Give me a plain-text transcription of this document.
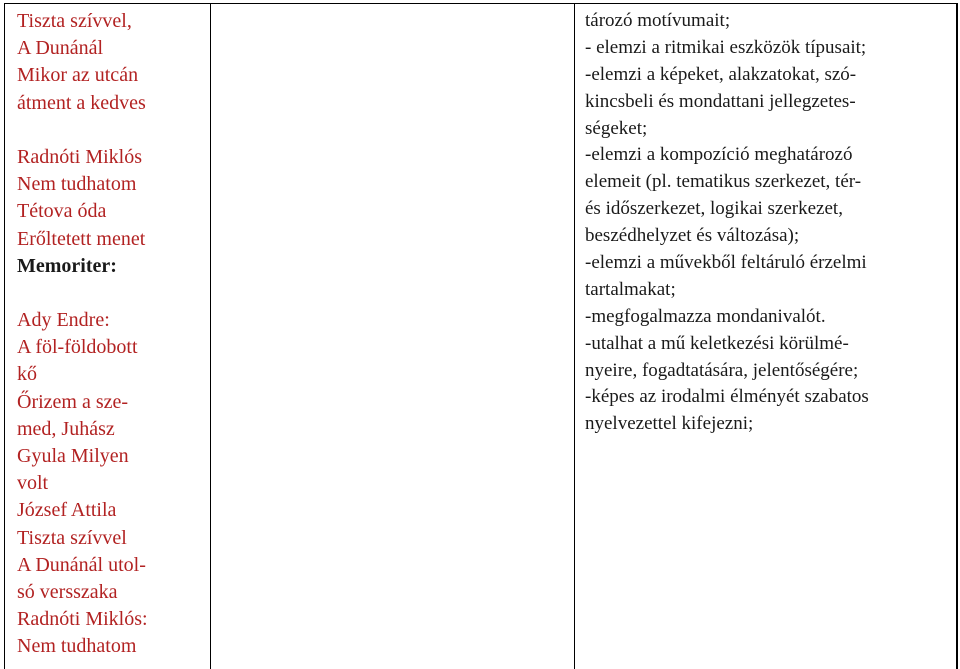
Tiszta szívvel,
A Dunánál
Mikor az utcán
átment a kedves
Radnóti Miklós
Nem tudhatom
Tétova óda
Erőltetett menet
Memoriter:
Ady Endre:
A föl-földobott
kő
Őrizem a sze-
med, Juhász
Gyula Milyen
volt
József Attila
Tiszta szívvel
A Dunánál utol-
só versszaka
Radnóti Miklós:
Nem tudhatom
tározó motívumait;
- elemzi a ritmikai eszközök típusait;
-elemzi a képeket, alakzatokat, szó-
kincsbeli és mondattani jellegzetes-
ségeket;
-elemzi a kompozíció meghatározó
elemeit (pl. tematikus szerkezet, tér-
és időszerkezet, logikai szerkezet,
beszédhelyzet és változása);
-elemzi a művekből feltáruló érzelmi
tartalmakat;
-megfogalmazza mondanivalót.
-utalhat a mű keletkezési körülmé-
nyeire, fogadtatására, jelentőségére;
-képes az irodalmi élményét szabatos
nyelvezettel kifejezni;
